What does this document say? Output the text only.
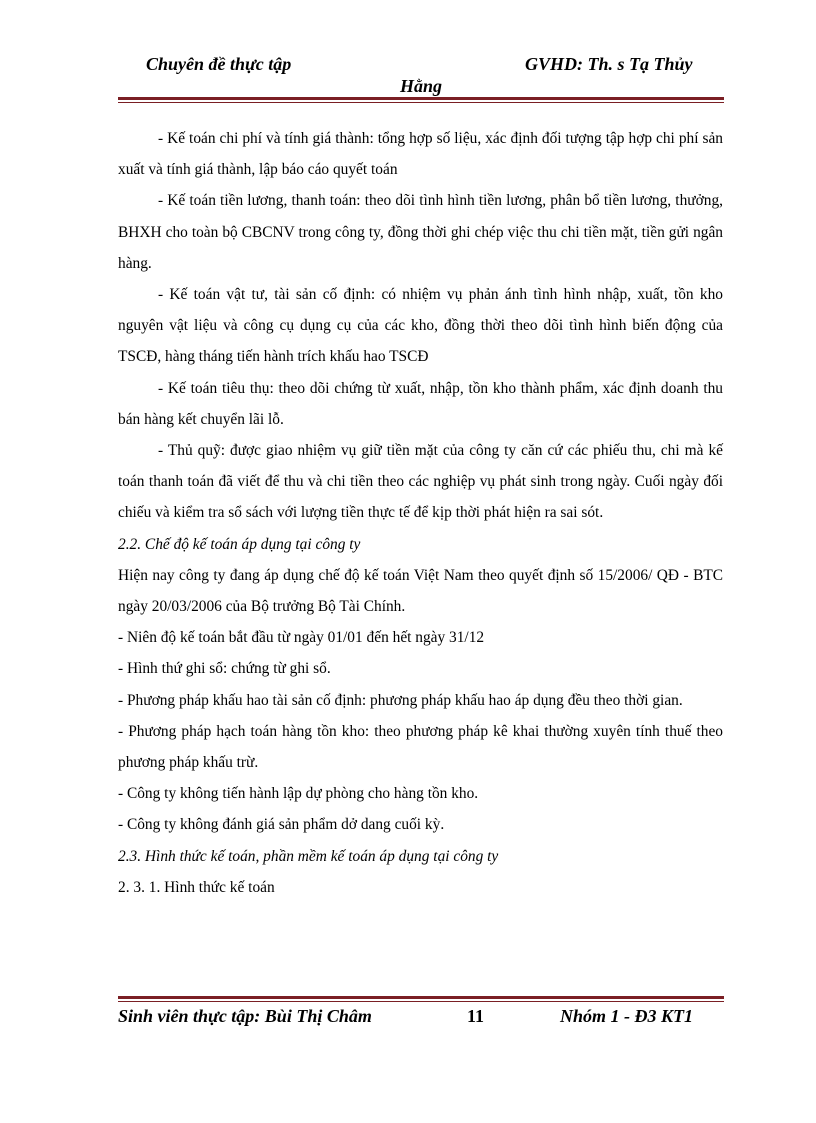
Chuyên đề thực tập	GVHD: Th. s Tạ Thủy
Hằng

- Kế toán chi phí và tính giá thành: tổng hợp số liệu, xác định đối tượng tập hợp chi phí sản xuất và tính giá thành, lập báo cáo quyết toán

- Kế toán tiền lương, thanh toán: theo dõi tình hình tiền lương, phân bổ tiền lương, thưởng, BHXH cho toàn bộ CBCNV trong công ty, đồng thời ghi chép việc thu chi tiền mặt, tiền gửi ngân hàng.

- Kế toán vật tư, tài sản cố định: có nhiệm vụ phản ánh tình hình nhập, xuất, tồn kho nguyên vật liệu và công cụ dụng cụ của các kho, đồng thời theo dõi tình hình biến động của TSCĐ, hàng tháng tiến hành trích khấu hao TSCĐ

- Kế toán tiêu thụ: theo dõi chứng từ xuất, nhập, tồn kho thành phẩm, xác định doanh thu bán hàng kết chuyển lãi lỗ.

- Thủ quỹ: được giao nhiệm vụ giữ tiền mặt của công ty căn cứ các phiếu thu, chi mà kế toán thanh toán đã viết để thu và chi tiền theo các nghiệp vụ phát sinh trong ngày. Cuối ngày đối chiếu và kiểm tra sổ sách với lượng tiền thực tế để kịp thời phát hiện ra sai sót.

2.2. Chế độ kế toán áp dụng tại công ty

Hiện nay công ty đang áp dụng chế độ kế toán Việt Nam theo quyết định số 15/2006/ QĐ - BTC ngày 20/03/2006 của Bộ trưởng Bộ Tài Chính.

- Niên độ kế toán bắt đầu từ ngày 01/01 đến hết ngày 31/12

- Hình thứ ghi sổ: chứng từ ghi sổ.

- Phương pháp khấu hao tài sản cố định: phương pháp khấu hao áp dụng đều theo thời gian.

- Phương pháp hạch toán hàng tồn kho: theo phương pháp kê khai thường xuyên tính thuế theo phương pháp khấu trừ.

- Công ty không tiến hành lập dự phòng cho hàng tồn kho.

- Công ty không đánh giá sản phẩm dở dang cuối kỳ.

2.3. Hình thức kế toán, phần mềm kế toán áp dụng tại công ty

2. 3. 1. Hình thức kế toán

Sinh viên thực tập: Bùi Thị Châm	11	Nhóm 1 - Đ3 KT1
